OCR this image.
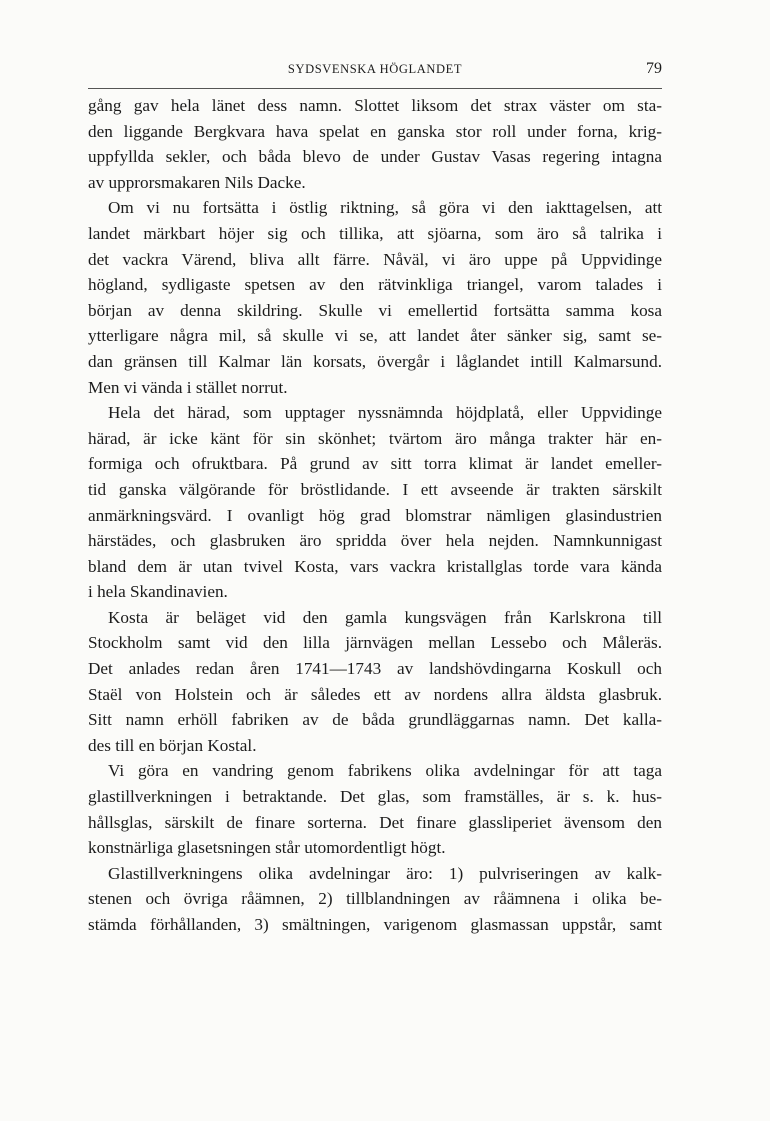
SYDSVENSKA HÖGLANDET	79
gång gav hela länet dess namn. Slottet liksom det strax väster om sta-
den liggande Bergkvara hava spelat en ganska stor roll under forna, krig-
uppfyllda sekler, och båda blevo de under Gustav Vasas regering intagna
av upprorsmakaren Nils Dacke.
Om vi nu fortsätta i östlig riktning, så göra vi den iakttagelsen, att
landet märkbart höjer sig och tillika, att sjöarna, som äro så talrika i
det vackra Värend, bliva allt färre. Nåväl, vi äro uppe på Uppvidinge
högland, sydligaste spetsen av den rätvinkliga triangel, varom talades i
början av denna skildring. Skulle vi emellertid fortsätta samma kosa
ytterligare några mil, så skulle vi se, att landet åter sänker sig, samt se-
dan gränsen till Kalmar län korsats, övergår i låglandet intill Kalmarsund.
Men vi vända i stället norrut.
Hela det härad, som upptager nyssnämnda höjdplatå, eller Uppvidinge
härad, är icke känt för sin skönhet; tvärtom äro många trakter här en-
formiga och ofruktbara. På grund av sitt torra klimat är landet emeller-
tid ganska välgörande för bröstlidande. I ett avseende är trakten särskilt
anmärkningsvärd. I ovanligt hög grad blomstrar nämligen glasindustrien
härstädes, och glasbruken äro spridda över hela nejden. Namnkunnigast
bland dem är utan tvivel Kosta, vars vackra kristallglas torde vara kända
i hela Skandinavien.
Kosta är beläget vid den gamla kungsvägen från Karlskrona till
Stockholm samt vid den lilla järnvägen mellan Lessebo och Måleräs.
Det anlades redan åren 1741—1743 av landshövdingarna Koskull och
Staël von Holstein och är således ett av nordens allra äldsta glasbruk.
Sitt namn erhöll fabriken av de båda grundläggarnas namn. Det kalla-
des till en början Kostal.
Vi göra en vandring genom fabrikens olika avdelningar för att taga
glastillverkningen i betraktande. Det glas, som framställes, är s. k. hus-
hållsglas, särskilt de finare sorterna. Det finare glassliperiet ävensom den
konstnärliga glasetsningen står utomordentligt högt.
Glastillverkningens olika avdelningar äro: 1) pulvriseringen av kalk-
stenen och övriga råämnen, 2) tillblandningen av råämnena i olika be-
stämda förhållanden, 3) smältningen, varigenom glasmassan uppstår, samt
